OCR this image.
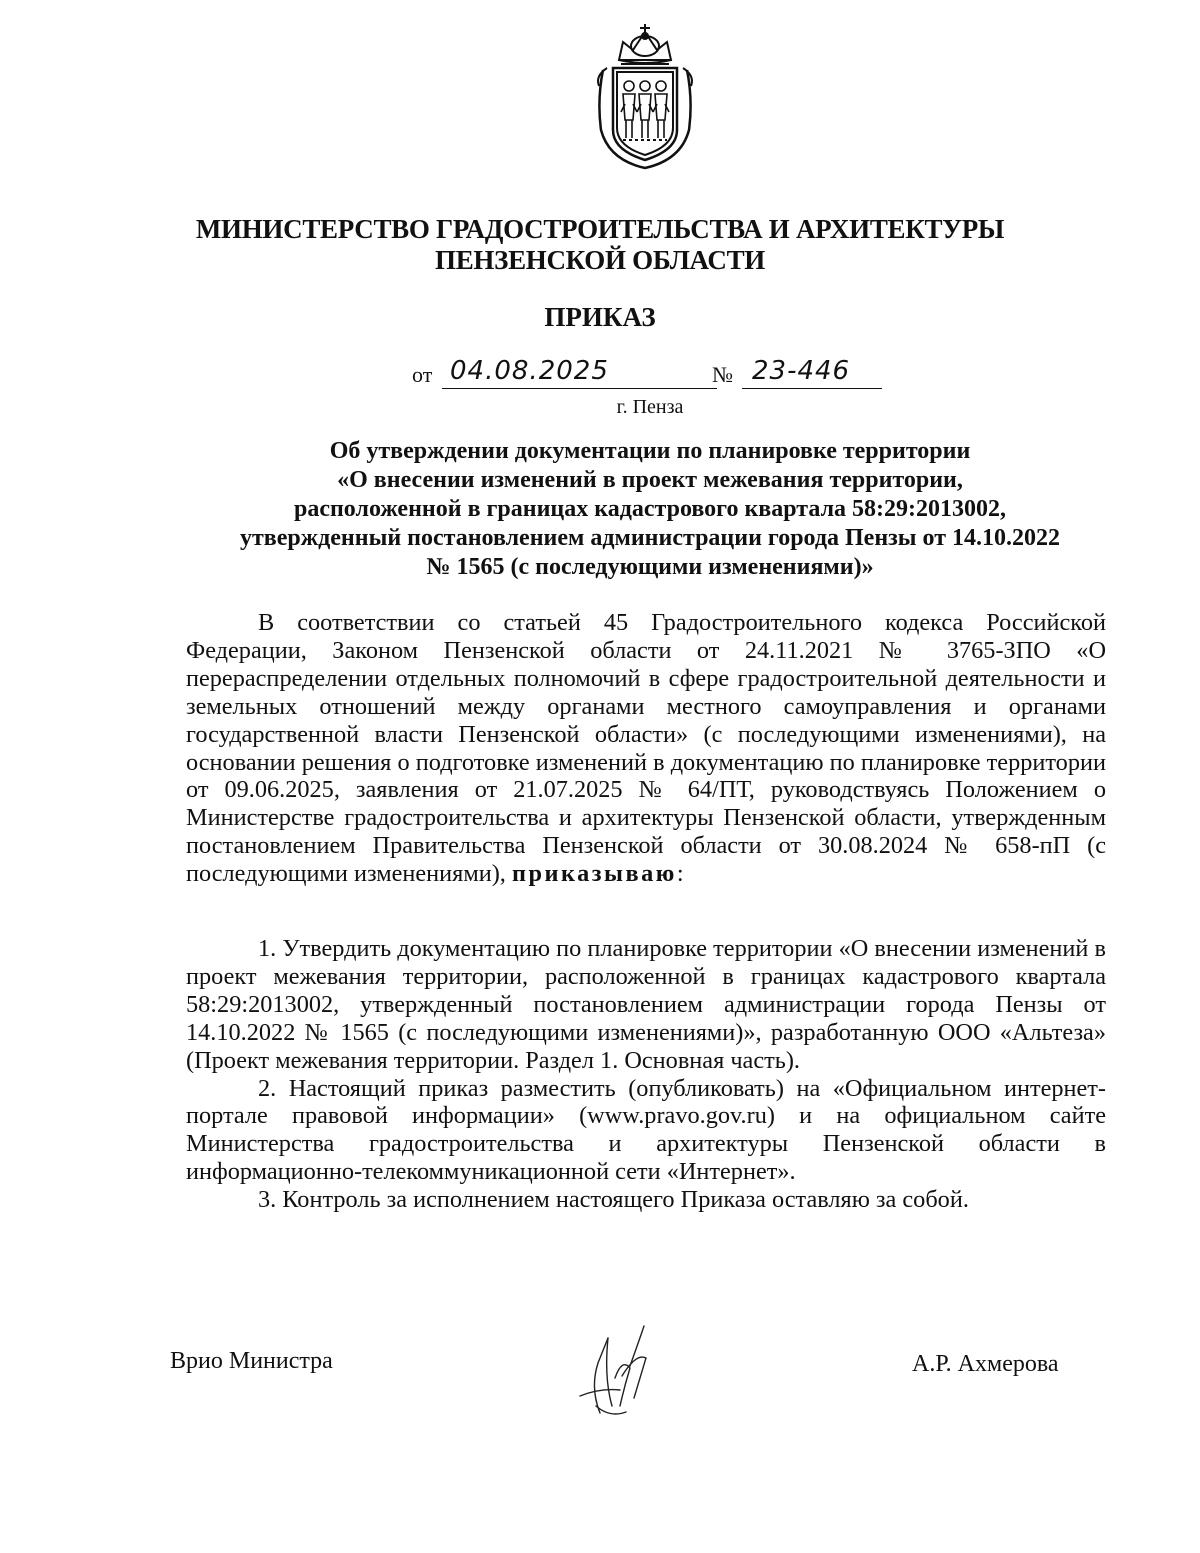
МИНИСТЕРСТВО ГРАДОСТРОИТЕЛЬСТВА И АРХИТЕКТУРЫ
ПЕНЗЕНСКОЙ ОБЛАСТИ
ПРИКАЗ
от 04.08.2025	№ 23-446
г. Пенза
Об утверждении документации по планировке территории
«О внесении изменений в проект межевания территории,
расположенной в границах кадастрового квартала 58:29:2013002,
утвержденный постановлением администрации города Пензы от 14.10.2022
№ 1565 (с последующими изменениями)»

В соответствии со статьей 45 Градостроительного кодекса Российской Федерации, Законом Пензенской области от 24.11.2021 № 3765-ЗПО «О перераспределении отдельных полномочий в сфере градостроительной деятельности и земельных отношений между органами местного самоуправления и органами государственной власти Пензенской области» (с последующими изменениями), на основании решения о подготовке изменений в документацию по планировке территории от 09.06.2025, заявления от 21.07.2025 № 64/ПТ, руководствуясь Положением о Министерстве градостроительства и архитектуры Пензенской области, утвержденным постановлением Правительства Пензенской области от 30.08.2024 № 658-пП (с последующими изменениями), приказываю:

1. Утвердить документацию по планировке территории «О внесении изменений в проект межевания территории, расположенной в границах кадастрового квартала 58:29:2013002, утвержденный постановлением администрации города Пензы от 14.10.2022 № 1565 (с последующими изменениями)», разработанную ООО «Альтеза» (Проект межевания территории. Раздел 1. Основная часть).

2. Настоящий приказ разместить (опубликовать) на «Официальном интернет-портале правовой информации» (www.pravo.gov.ru) и на официальном сайте Министерства градостроительства и архитектуры Пензенской области в информационно-телекоммуникационной сети «Интернет».

3. Контроль за исполнением настоящего Приказа оставляю за собой.

Врио Министра	А.Р. Ахмерова
